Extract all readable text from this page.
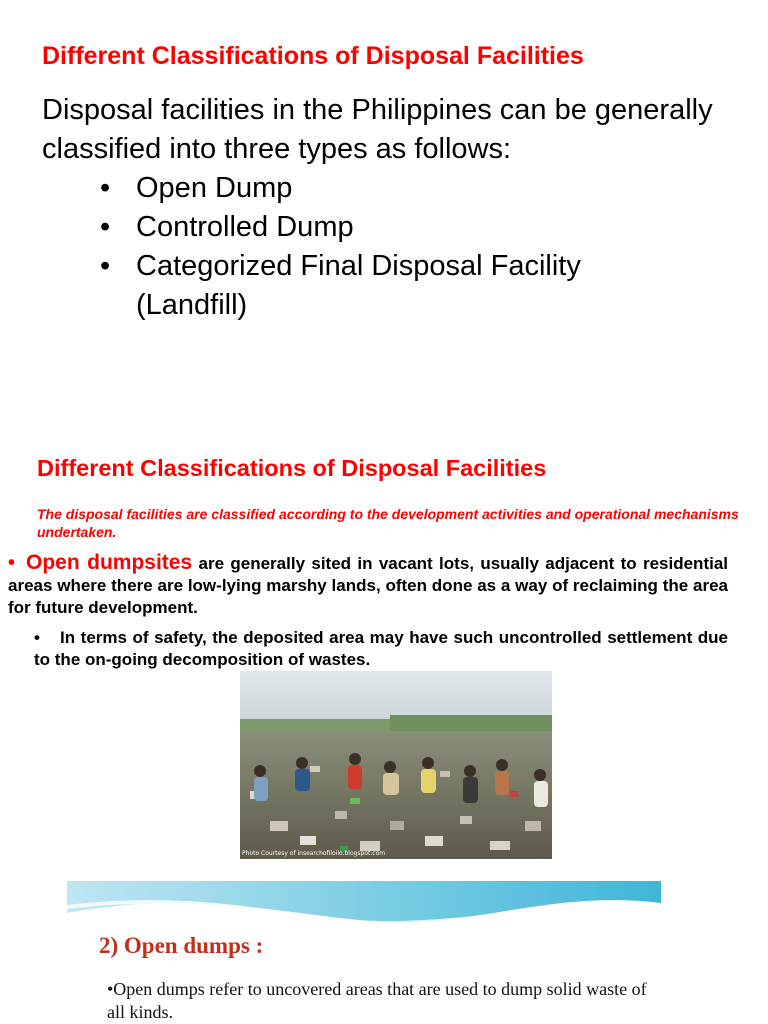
Different Classifications of Disposal Facilities
Disposal facilities in the Philippines can be generally classified into three types as follows:
• Open Dump
• Controlled Dump
• Categorized Final Disposal Facility
(Landfill)
Different Classifications of Disposal Facilities
The disposal facilities are classified according to the development activities and operational mechanisms undertaken.
• Open dumpsites are generally sited in vacant lots, usually adjacent to residential areas where there are low-lying marshy lands, often done as a way of reclaiming the area for future development.
• In terms of safety, the deposited area may have such uncontrolled settlement due to the on-going decomposition of wastes.
Photo Courtesy of insearchofiloilo.blogspot.com
2) Open dumps :
•Open dumps refer to uncovered areas that are used to dump solid waste of all kinds.
